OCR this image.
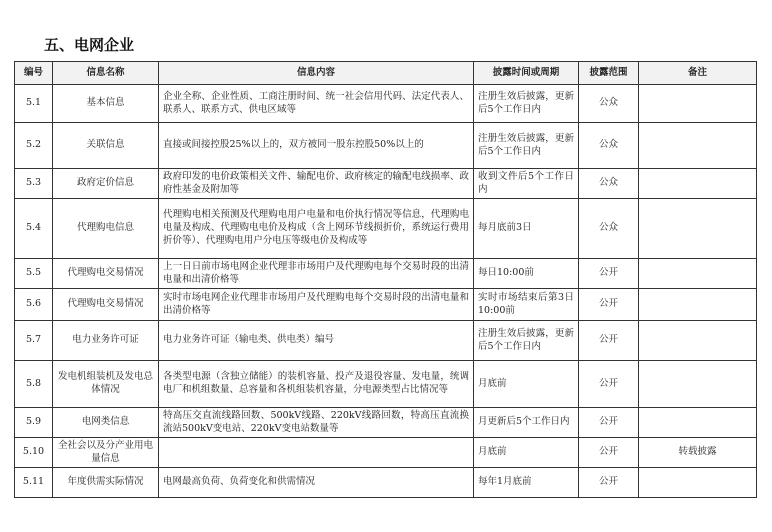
五、电网企业
编号	信息名称	信息内容	披露时间或周期	披露范围	备注
5.1	基本信息	企业全称、企业性质、工商注册时间、统一社会信用代码、法定代表人、联系人、联系方式、供电区域等	注册生效后披露，更新后5个工作日内	公众	
5.2	关联信息	直接或间接控股25%以上的，双方被同一股东控股50%以上的	注册生效后披露，更新后5个工作日内	公众	
5.3	政府定价信息	政府印发的电价政策相关文件、输配电价、政府核定的输配电线损率、政府性基金及附加等	收到文件后5个工作日内	公众	
5.4	代理购电信息	代理购电相关预测及代理购电用户电量和电价执行情况等信息，代理购电电量及构成、代理购电电价及构成（含上网环节线损折价，系统运行费用折价等）、代理购电用户分电压等级电价及构成等	每月底前3日	公众	
5.5	代理购电交易情况	上一日日前市场电网企业代理非市场用户及代理购电每个交易时段的出清电量和出清价格等	每日10:00前	公开	
5.6	代理购电交易情况	实时市场电网企业代理非市场用户及代理购电每个交易时段的出清电量和出清价格等	实时市场结束后第3日10:00前	公开	
5.7	电力业务许可证	电力业务许可证（输电类、供电类）编号	注册生效后披露，更新后5个工作日内	公开	
5.8	发电机组装机及发电总体情况	各类型电源（含独立储能）的装机容量、投产及退役容量、发电量，统调电厂和机组数量、总容量和各机组装机容量，分电源类型占比情况等	月底前	公开	
5.9	电网类信息	特高压交直流线路回数、500kV线路、220kV线路回数，特高压直流换流站500kV变电站、220kV变电站数量等	月更新后5个工作日内	公开	
5.10	全社会以及分产业用电量信息		月底前	公开	转载披露
5.11	年度供需实际情况	电网最高负荷、负荷变化和供需情况	每年1月底前	公开	
